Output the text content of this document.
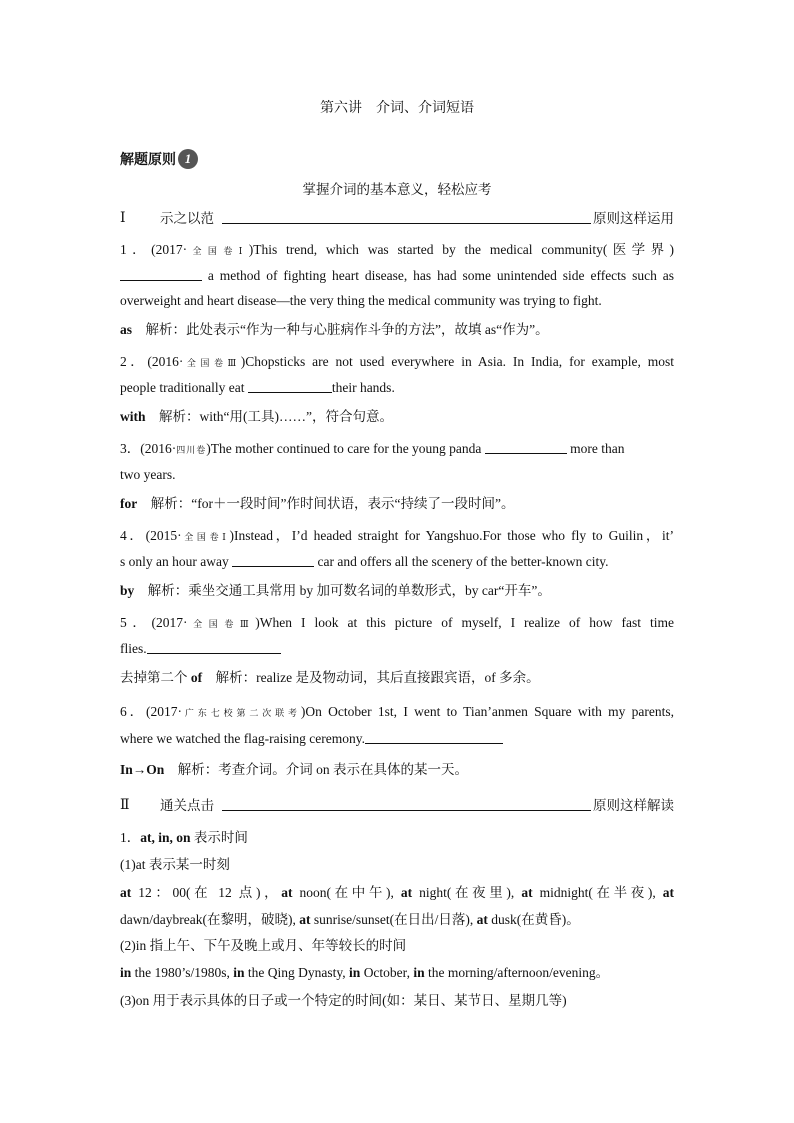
第六讲　介词、介词短语
解题原则 1
掌握介词的基本意义，轻松应考
Ⅰ	示之以范	原则这样运用
1．(2017·全国卷Ⅰ)This trend, which was started by the medical community(医学界)
a method of fighting heart disease, has had some unintended side effects such as
overweight and heart disease—the very thing the medical community was trying to fight.
as　 解析：此处表示“作为一种与心脏病作斗争的方法”，故填 as“作为”。
2．(2016·全国卷Ⅲ)Chopsticks are not used everywhere in Asia. In India, for example, most
people traditionally eat	their hands.
with　 解析：with“用(工具)……”，符合句意。
3．(2016·四川卷)The mother continued to care for the young panda	more than
two years.
for　 解析：“for＋一段时间”作时间状语，表示“持续了一段时间”。
4．(2015·全国卷Ⅰ)Instead，I’d headed straight for Yangshuo.For those who fly to Guilin，it’
s only an hour away	car and offers all the scenery of the better-known city.
by　 解析：乘坐交通工具常用 by 加可数名词的单数形式，by car“开车”。
5．(2017·全国卷Ⅲ)When I look at this picture of myself, I realize of how fast time
flies.
去掉第二个 of　 解析：realize 是及物动词，其后直接跟宾语，of 多余。
6．(2017·广东七校第二次联考)On October 1st, I went to Tian’anmen Square with my parents,
where we watched the flag-raising ceremony.
In→On　 解析：考查介词。介词 on 表示在具体的某一天。
Ⅱ	通关点击	原则这样解读
1．at, in, on 表示时间
(1)at 表示某一时刻
at 12：00(在 12 点)，at noon(在中午), at night(在夜里), at midnight(在半夜), at
dawn/daybreak(在黎明，破晓), at sunrise/sunset(在日出/日落), at dusk(在黄昏)。
(2)in 指上午、下午及晚上或月、年等较长的时间
in the 1980’s/1980s, in the Qing Dynasty, in October, in the morning/afternoon/evening。
(3)on 用于表示具体的日子或一个特定的时间(如：某日、某节日、星期几等)
